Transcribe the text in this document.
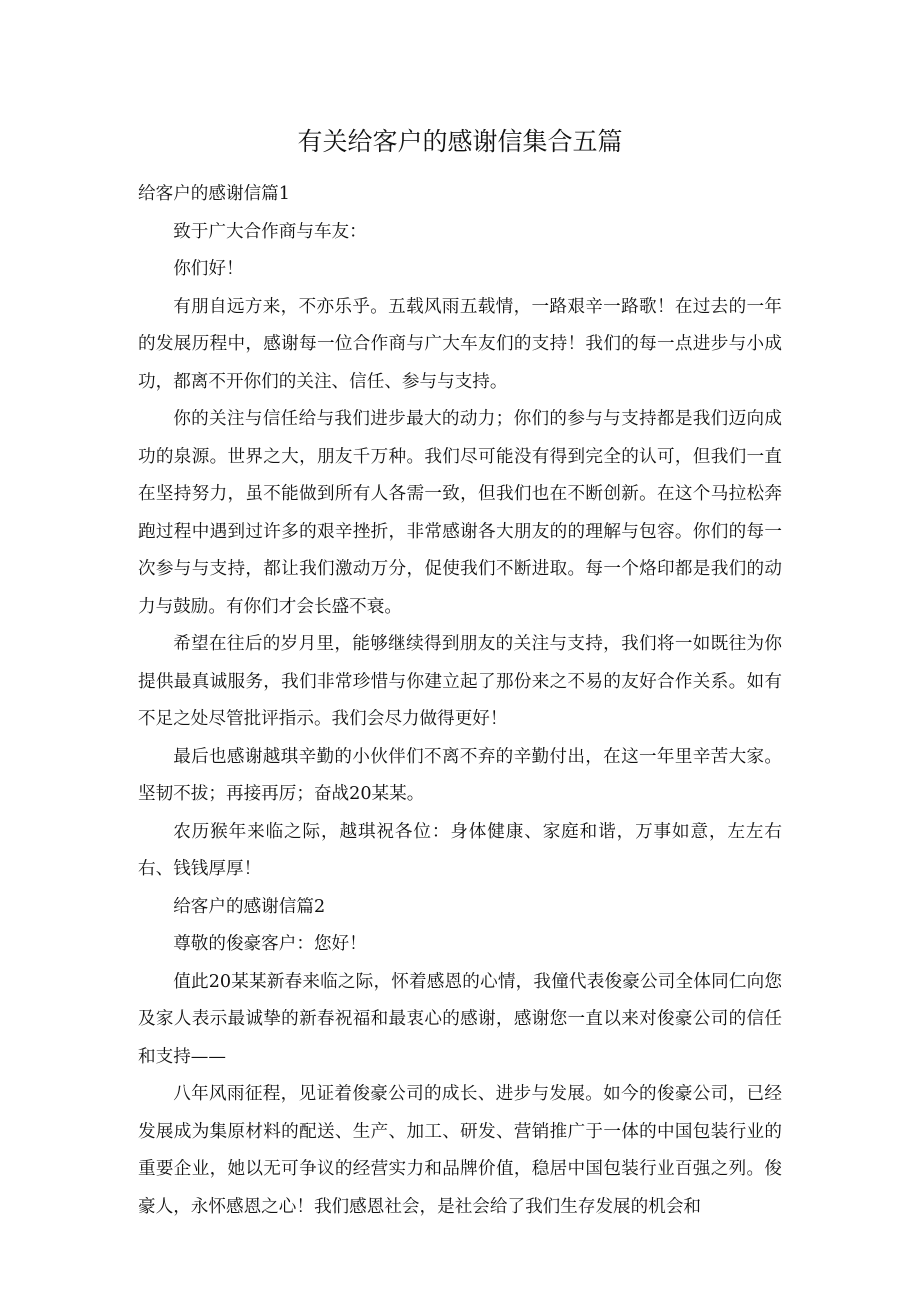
有关给客户的感谢信集合五篇

给客户的感谢信篇1

致于广大合作商与车友：

你们好！

有朋自远方来，不亦乐乎。五载风雨五载情，一路艰辛一路歌！在过去的一年的发展历程中，感谢每一位合作商与广大车友们的支持！我们的每一点进步与小成功，都离不开你们的关注、信任、参与与支持。

你的关注与信任给与我们进步最大的动力；你们的参与与支持都是我们迈向成功的泉源。世界之大，朋友千万种。我们尽可能没有得到完全的认可，但我们一直在坚持努力，虽不能做到所有人各需一致，但我们也在不断创新。在这个马拉松奔跑过程中遇到过许多的艰辛挫折，非常感谢各大朋友的的理解与包容。你们的每一次参与与支持，都让我们激动万分，促使我们不断进取。每一个烙印都是我们的动力与鼓励。有你们才会长盛不衰。

希望在往后的岁月里，能够继续得到朋友的关注与支持，我们将一如既往为你提供最真诚服务，我们非常珍惜与你建立起了那份来之不易的友好合作关系。如有不足之处尽管批评指示。我们会尽力做得更好！

最后也感谢越琪辛勤的小伙伴们不离不弃的辛勤付出，在这一年里辛苦大家。坚韧不拔；再接再厉；奋战20某某。

农历猴年来临之际，越琪祝各位：身体健康、家庭和谐，万事如意，左左右右、钱钱厚厚！

给客户的感谢信篇2

尊敬的俊豪客户：您好！

值此20某某新春来临之际，怀着感恩的心情，我僮代表俊豪公司全体同仁向您及家人表示最诚挚的新春祝福和最衷心的感谢，感谢您一直以来对俊豪公司的信任和支持——

八年风雨征程，见证着俊豪公司的成长、进步与发展。如今的俊豪公司，已经发展成为集原材料的配送、生产、加工、研发、营销推广于一体的中国包装行业的重要企业，她以无可争议的经营实力和品牌价值，稳居中国包装行业百强之列。俊豪人，永怀感恩之心！我们感恩社会，是社会给了我们生存发展的机会和
